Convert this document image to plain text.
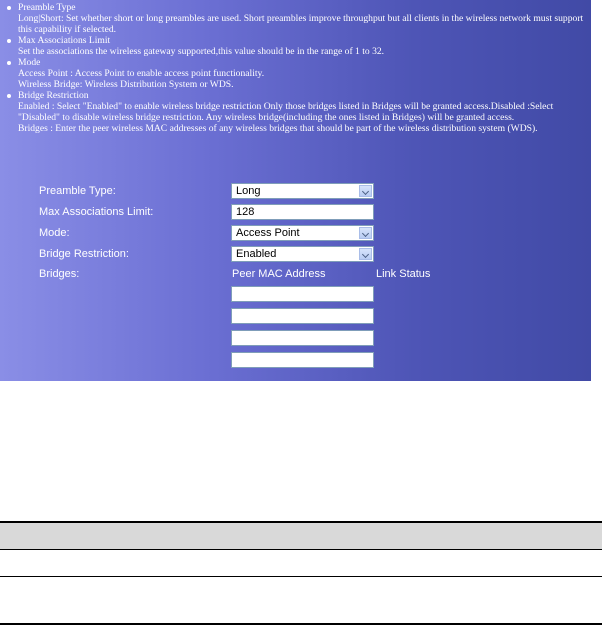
Preamble Type
Long|Short: Set whether short or long preambles are used. Short preambles improve throughput but all clients in the wireless network must support this capability if selected.
Max Associations Limit
Set the associations the wireless gateway supported,this value should be in the range of 1 to 32.
Mode
Access Point : Access Point to enable access point functionality.
Wireless Bridge: Wireless Distribution System or WDS.
Bridge Restriction
Enabled : Select "Enabled" to enable wireless bridge restriction Only those bridges listed in Bridges will be granted access.Disabled :Select "Disabled" to disable wireless bridge restriction. Any wireless bridge(including the ones listed in Bridges) will be granted access.
Bridges : Enter the peer wireless MAC addresses of any wireless bridges that should be part of the wireless distribution system (WDS).
Preamble Type:	Long
Max Associations Limit:	128
Mode:	Access Point
Bridge Restriction:	Enabled
Bridges:	Peer MAC Address	Link Status
